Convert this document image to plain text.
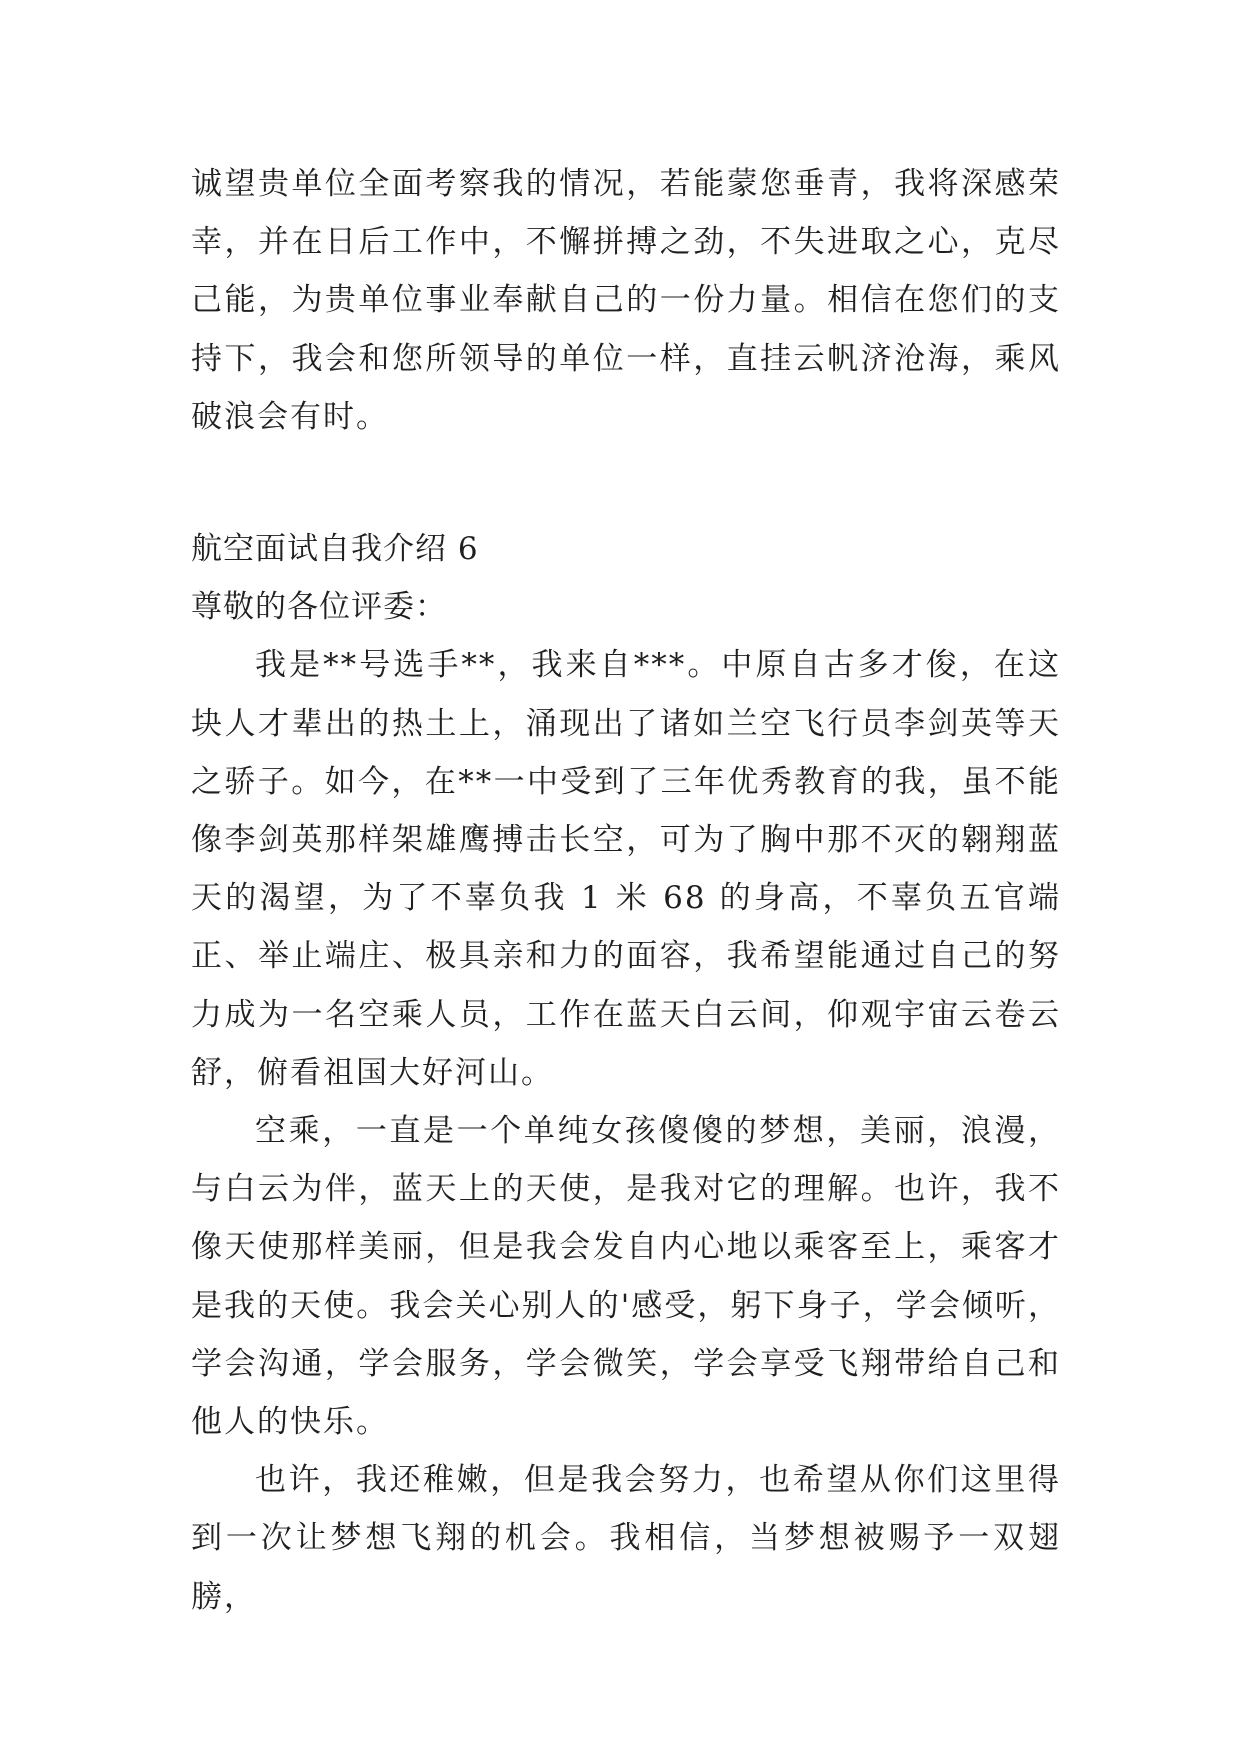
诚望贵单位全面考察我的情况，若能蒙您垂青，我将深感荣幸，并在日后工作中，不懈拼搏之劲，不失进取之心，克尽己能，为贵单位事业奉献自己的一份力量。相信在您们的支持下，我会和您所领导的单位一样，直挂云帆济沧海，乘风破浪会有时。

航空面试自我介绍 6

尊敬的各位评委：

我是**号选手**，我来自***。中原自古多才俊，在这块人才辈出的热土上，涌现出了诸如兰空飞行员李剑英等天之骄子。如今，在**一中受到了三年优秀教育的我，虽不能像李剑英那样架雄鹰搏击长空，可为了胸中那不灭的翱翔蓝天的渴望，为了不辜负我 1 米 68 的身高，不辜负五官端正、举止端庄、极具亲和力的面容，我希望能通过自己的努力成为一名空乘人员，工作在蓝天白云间，仰观宇宙云卷云舒，俯看祖国大好河山。

空乘，一直是一个单纯女孩傻傻的梦想，美丽，浪漫，与白云为伴，蓝天上的天使，是我对它的理解。也许，我不像天使那样美丽，但是我会发自内心地以乘客至上，乘客才是我的天使。我会关心别人的'感受，躬下身子，学会倾听，学会沟通，学会服务，学会微笑，学会享受飞翔带给自己和他人的快乐。

也许，我还稚嫩，但是我会努力，也希望从你们这里得到一次让梦想飞翔的机会。我相信，当梦想被赐予一双翅膀，
